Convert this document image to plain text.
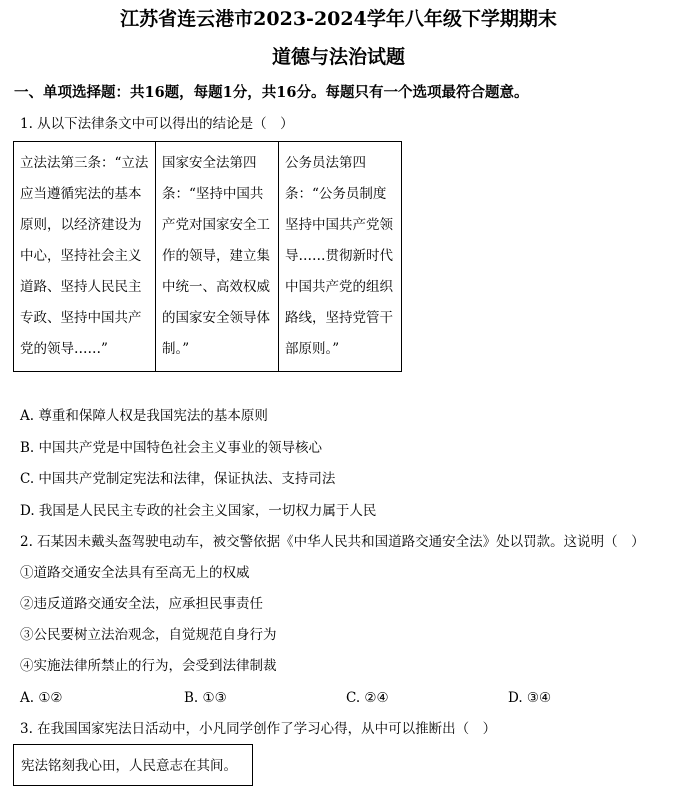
江苏省连云港市2023-2024学年八年级下学期期末
道德与法治试题
一、单项选择题：共16题，每题1分，共16分。每题只有一个选项最符合题意。
1. 从以下法律条文中可以得出的结论是（　）
立法法第三条：“立法应当遵循宪法的基本原则，以经济建设为中心，坚持社会主义道路、坚持人民民主专政、坚持中国共产党的领导……”	国家安全法第四条：“坚持中国共产党对国家安全工作的领导，建立集中统一、高效权威的国家安全领导体制。”	公务员法第四条：“公务员制度坚持中国共产党领导……贯彻新时代中国共产党的组织路线，坚持党管干部原则。”
A. 尊重和保障人权是我国宪法的基本原则
B. 中国共产党是中国特色社会主义事业的领导核心
C. 中国共产党制定宪法和法律，保证执法、支持司法
D. 我国是人民民主专政的社会主义国家，一切权力属于人民
2. 石某因未戴头盔驾驶电动车，被交警依据《中华人民共和国道路交通安全法》处以罚款。这说明（　）
①道路交通安全法具有至高无上的权威
②违反道路交通安全法，应承担民事责任
③公民要树立法治观念，自觉规范自身行为
④实施法律所禁止的行为，会受到法律制裁
A. ①②	B. ①③	C. ②④	D. ③④
3. 在我国国家宪法日活动中，小凡同学创作了学习心得，从中可以推断出（　）
宪法铭刻我心田，人民意志在其间。
